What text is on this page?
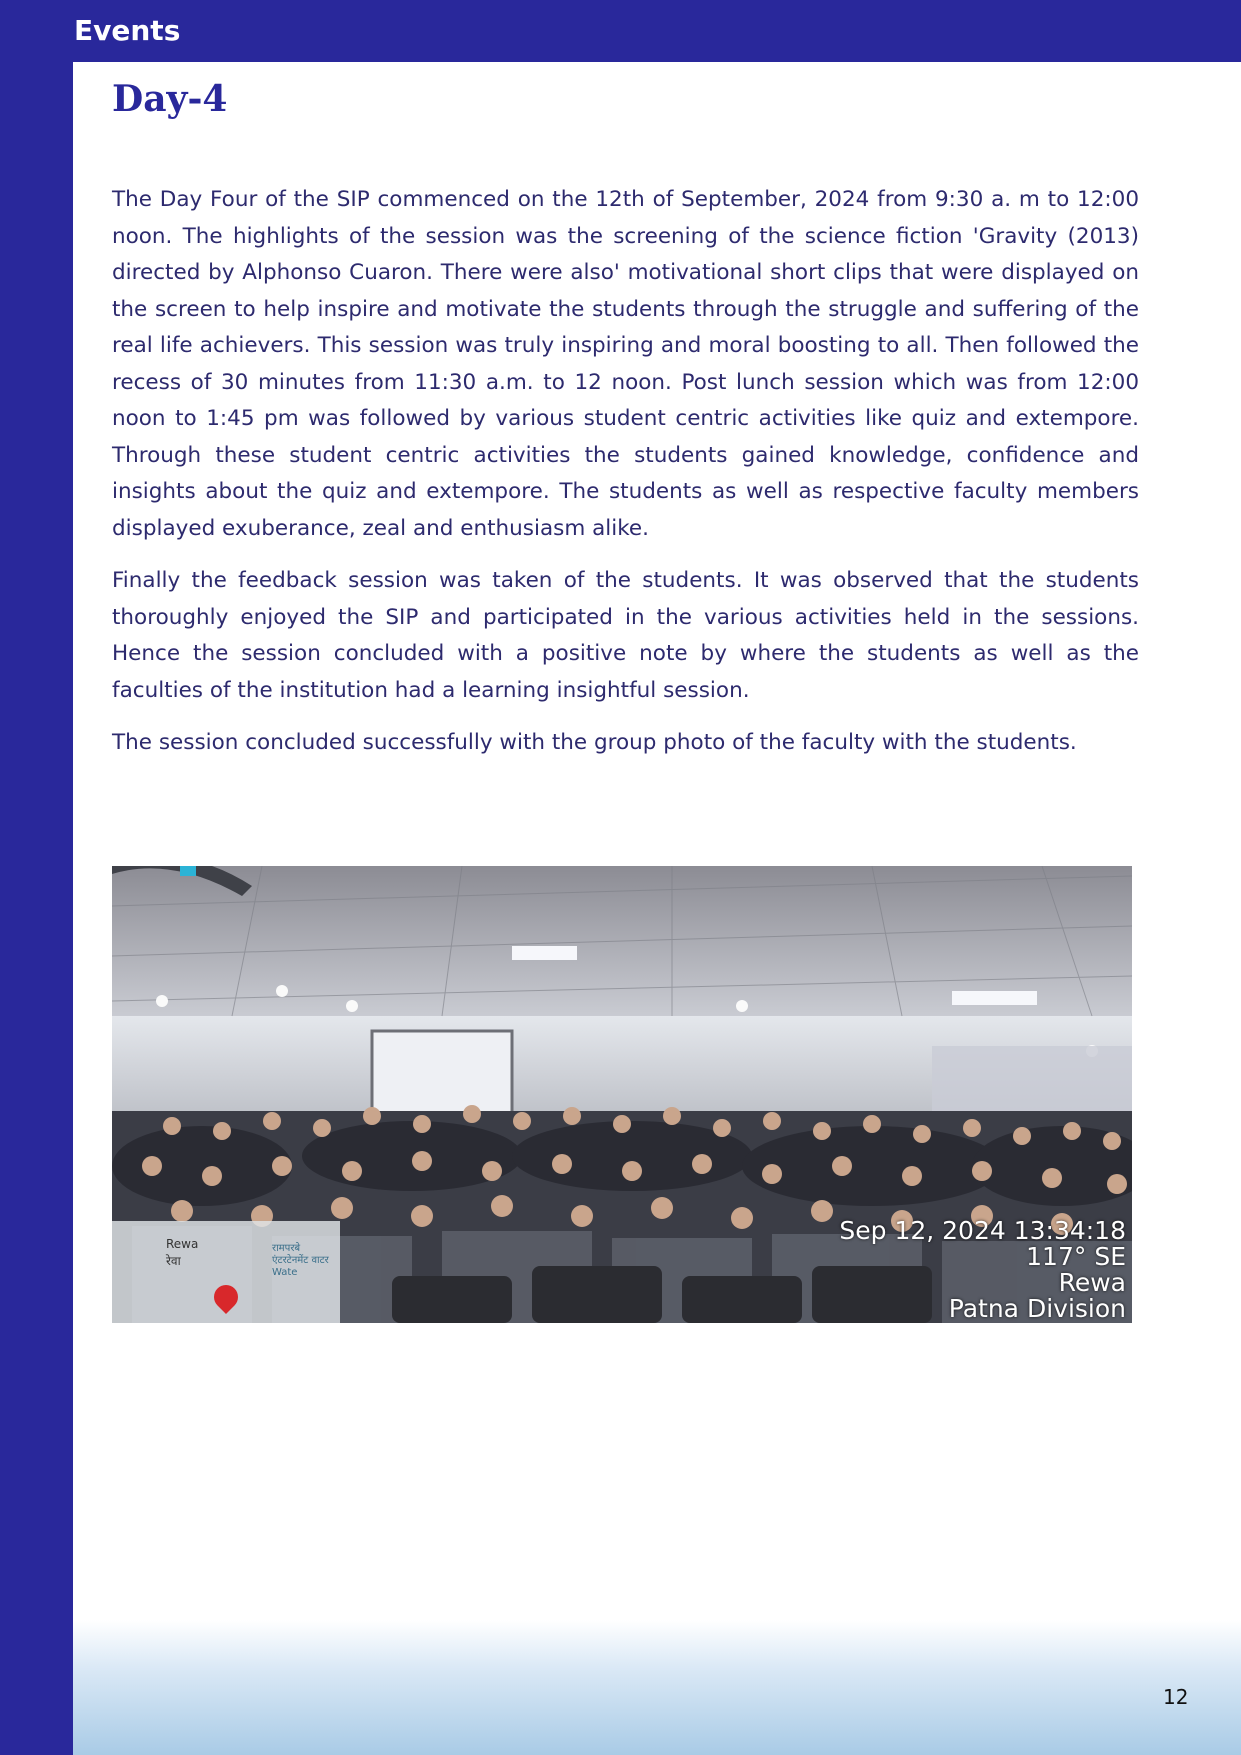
Events
Day-4

The Day Four of the SIP commenced on the 12th of September, 2024 from 9:30 a. m to 12:00 noon. The highlights of the session was the screening of the science fiction 'Gravity (2013) directed by Alphonso Cuaron. There were also' motivational short clips that were displayed on the screen to help inspire and motivate the students through the struggle and suffering of the real life achievers. This session was truly inspiring and moral boosting to all. Then followed the recess of 30 minutes from 11:30 a.m. to 12 noon. Post lunch session which was from 12:00 noon to 1:45 pm was followed by various student centric activities like quiz and extempore. Through these student centric activities the students gained knowledge, confidence and insights about the quiz and extempore. The students as well as respective faculty members displayed exuberance, zeal and enthusiasm alike.

Finally the feedback session was taken of the students. It was observed that the students thoroughly enjoyed the SIP and participated in the various activities held in the sessions. Hence the session concluded with a positive note by where the students as well as the faculties of the institution had a learning insightful session.

The session concluded successfully with the group photo of the faculty with the students.

Rewa
रेवा
रामपरबे
एंटरटेनमेंट वाटर
Wate
Sep 12, 2024 13:34:18
117° SE
Rewa
Patna Division
12
